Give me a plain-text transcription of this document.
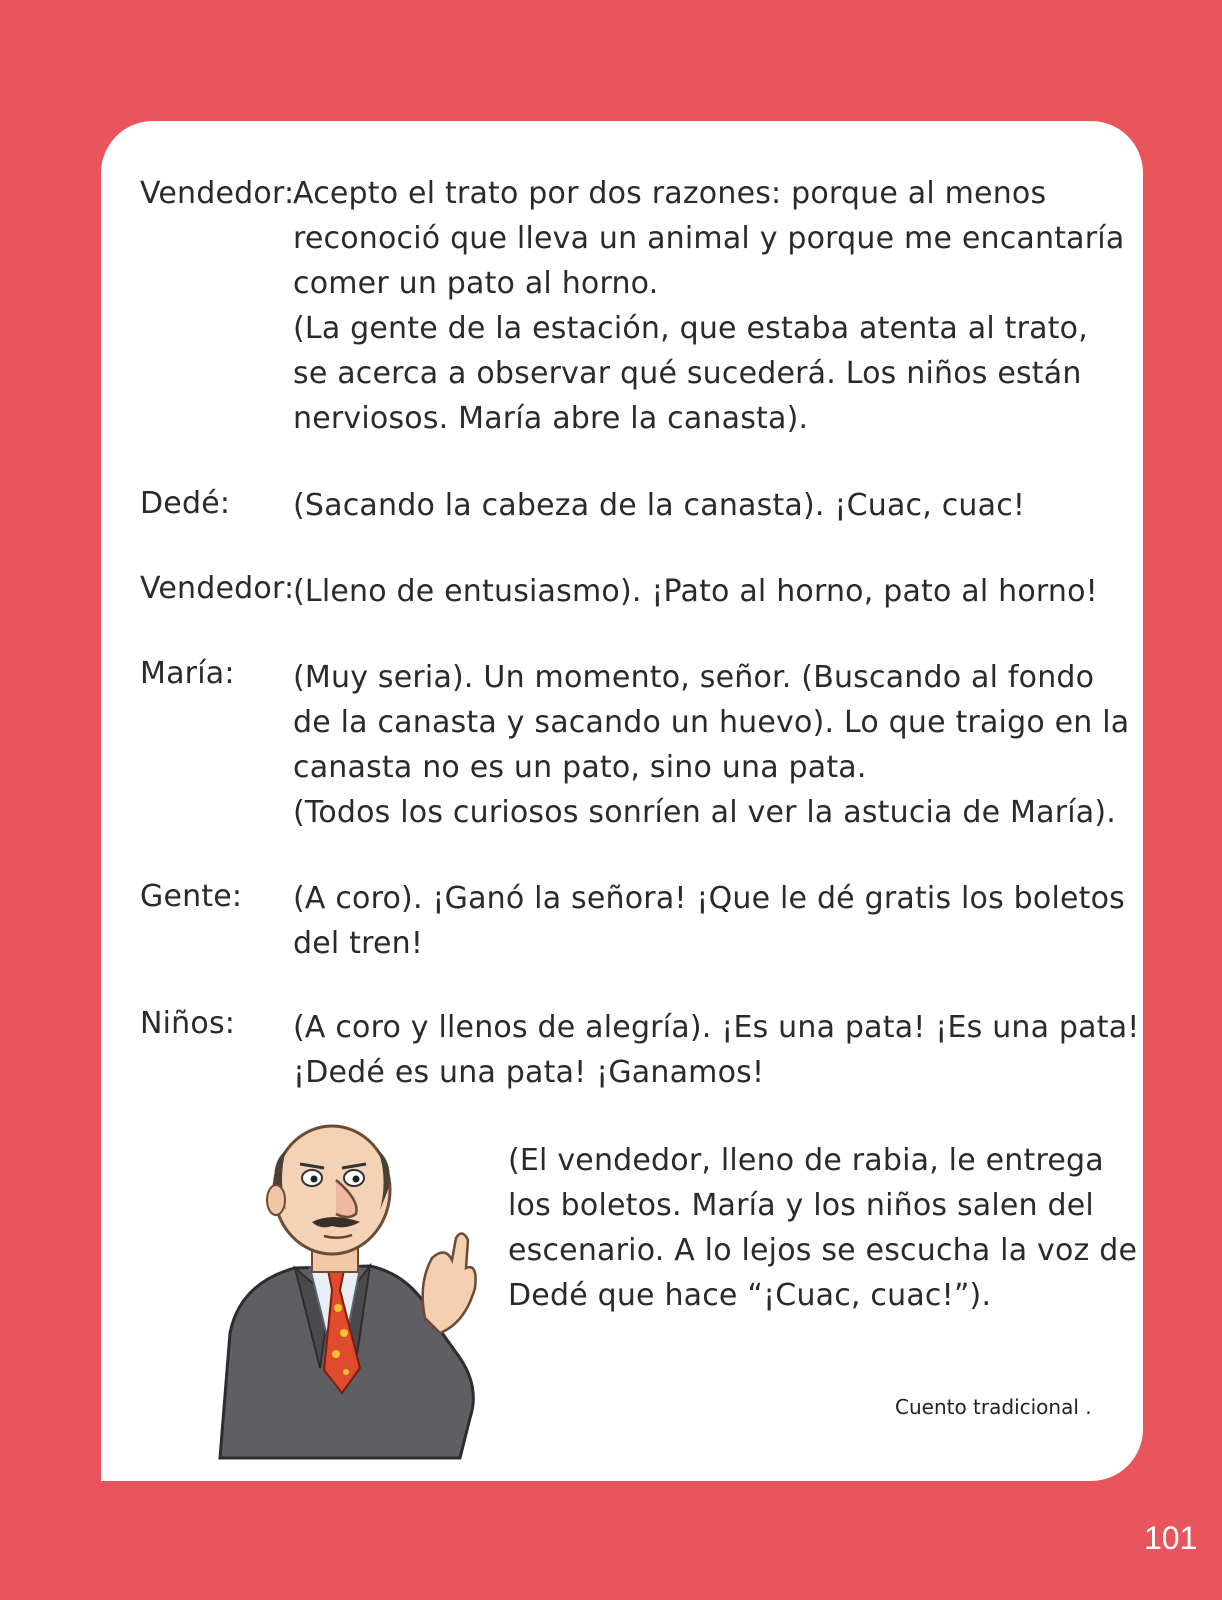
Vendedor:
Acepto el trato por dos razones: porque al menos
reconoció que lleva un animal y porque me encantaría
comer un pato al horno.
(La gente de la estación, que estaba atenta al trato,
se acerca a observar qué sucederá. Los niños están
nerviosos. María abre la canasta).
Dedé: (Sacando la cabeza de la canasta). ¡Cuac, cuac!
Vendedor:
(Lleno de entusiasmo). ¡Pato al horno, pato al horno!
María: (Muy seria). Un momento, señor. (Buscando al fondo
de la canasta y sacando un huevo). Lo que traigo en la
canasta no es un pato, sino una pata.
(Todos los curiosos sonríen al ver la astucia de María).
Gente: (A coro). ¡Ganó la señora! ¡Que le dé gratis los boletos
del tren!
Niños: (A coro y llenos de alegría). ¡Es una pata! ¡Es una pata!
¡Dedé es una pata! ¡Ganamos!
(El vendedor, lleno de rabia, le entrega
los boletos. María y los niños salen del
escenario. A lo lejos se escucha la voz de
Dedé que hace “¡Cuac, cuac!”).
Cuento tradicional .
101
